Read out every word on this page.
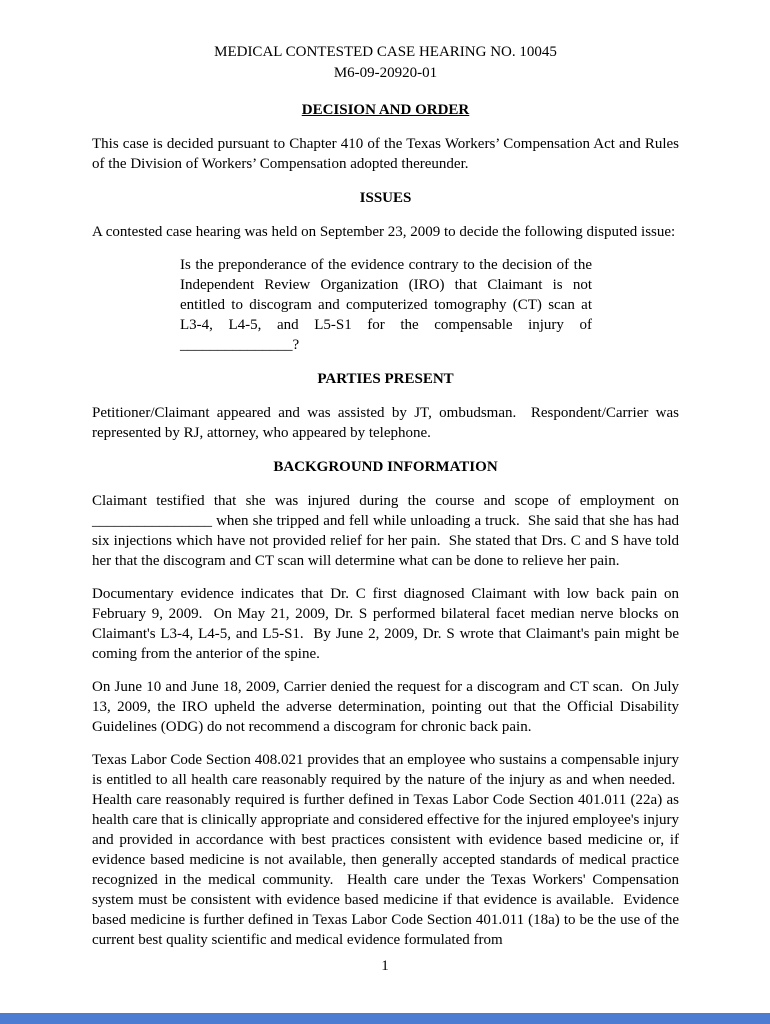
MEDICAL CONTESTED CASE HEARING NO. 10045
M6-09-20920-01
DECISION AND ORDER

This case is decided pursuant to Chapter 410 of the Texas Workers’ Compensation Act and Rules of the Division of Workers’ Compensation adopted thereunder.

ISSUES

A contested case hearing was held on September 23, 2009 to decide the following disputed issue:

Is the preponderance of the evidence contrary to the decision of the Independent Review Organization (IRO) that Claimant is not entitled to discogram and computerized tomography (CT) scan at L3-4, L4-5, and L5-S1 for the compensable injury of _______________?

PARTIES PRESENT

Petitioner/Claimant appeared and was assisted by JT, ombudsman.  Respondent/Carrier was represented by RJ, attorney, who appeared by telephone.

BACKGROUND INFORMATION

Claimant testified that she was injured during the course and scope of employment on ________________ when she tripped and fell while unloading a truck.  She said that she has had six injections which have not provided relief for her pain.  She stated that Drs. C and S have told her that the discogram and CT scan will determine what can be done to relieve her pain.

Documentary evidence indicates that Dr. C first diagnosed Claimant with low back pain on February 9, 2009.  On May 21, 2009, Dr. S performed bilateral facet median nerve blocks on Claimant's L3-4, L4-5, and L5-S1.  By June 2, 2009, Dr. S wrote that Claimant's pain might be coming from the anterior of the spine.

On June 10 and June 18, 2009, Carrier denied the request for a discogram and CT scan.  On July 13, 2009, the IRO upheld the adverse determination, pointing out that the Official Disability Guidelines (ODG) do not recommend a discogram for chronic back pain.

Texas Labor Code Section 408.021 provides that an employee who sustains a compensable injury is entitled to all health care reasonably required by the nature of the injury as and when needed.  Health care reasonably required is further defined in Texas Labor Code Section 401.011 (22a) as health care that is clinically appropriate and considered effective for the injured employee's injury and provided in accordance with best practices consistent with evidence based medicine or, if evidence based medicine is not available, then generally accepted standards of medical practice recognized in the medical community.  Health care under the Texas Workers' Compensation system must be consistent with evidence based medicine if that evidence is available.  Evidence based medicine is further defined in Texas Labor Code Section 401.011 (18a) to be the use of the current best quality scientific and medical evidence formulated from

1
